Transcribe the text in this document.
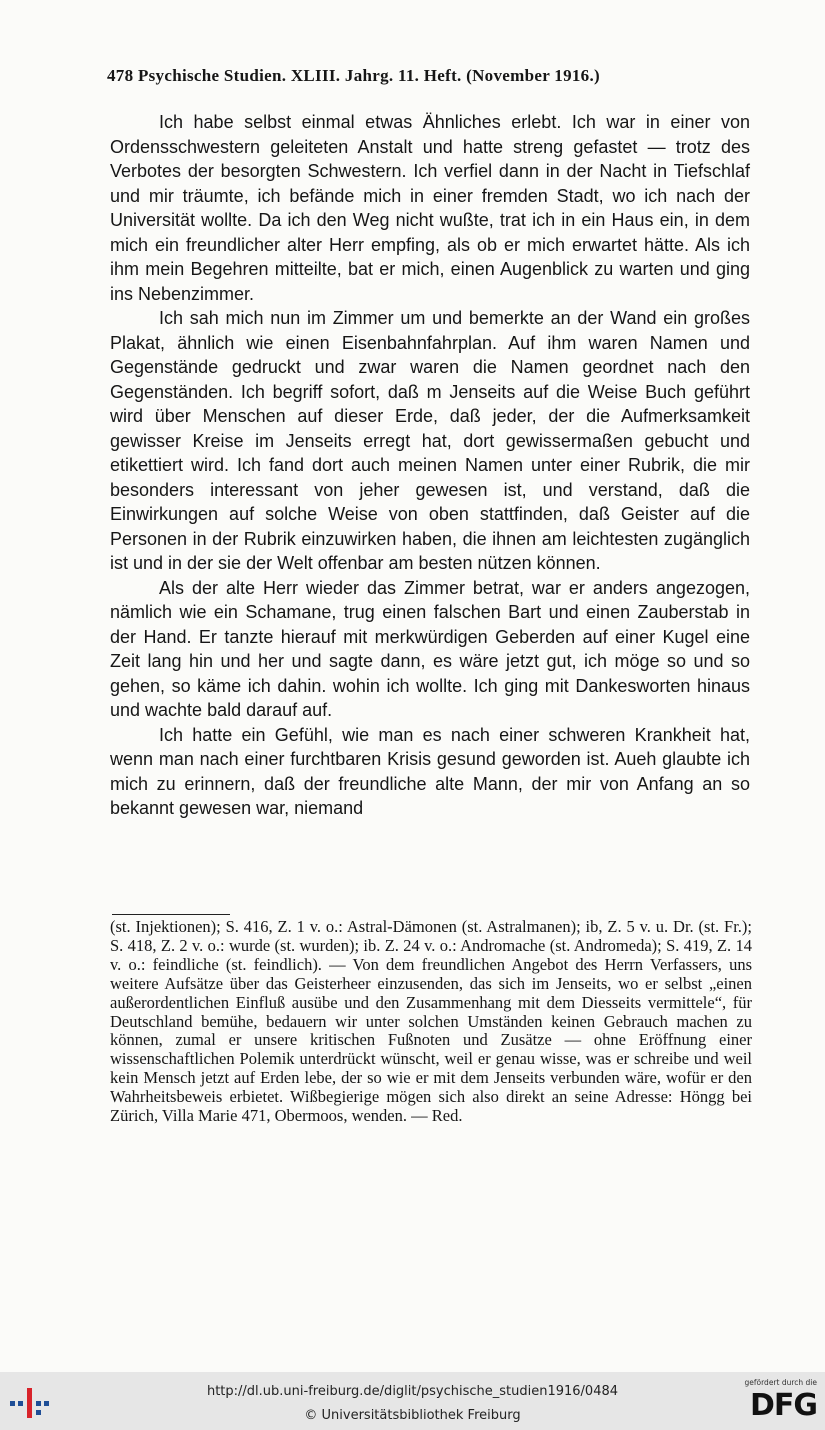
478 Psychische Studien. XLIII. Jahrg. 11. Heft. (November 1916.)

Ich habe selbst einmal etwas Ähnliches erlebt. Ich war in einer von Ordensschwestern geleiteten Anstalt und hatte streng gefastet — trotz des Verbotes der besorgten Schwestern. Ich verfiel dann in der Nacht in Tiefschlaf und mir träumte, ich befände mich in einer fremden Stadt, wo ich nach der Universität wollte. Da ich den Weg nicht wußte, trat ich in ein Haus ein, in dem mich ein freundlicher alter Herr empfing, als ob er mich erwartet hätte. Als ich ihm mein Begehren mitteilte, bat er mich, einen Augenblick zu warten und ging ins Nebenzimmer.

Ich sah mich nun im Zimmer um und bemerkte an der Wand ein großes Plakat, ähnlich wie einen Eisenbahnfahrplan. Auf ihm waren Namen und Gegenstände gedruckt und zwar waren die Namen geordnet nach den Gegenständen. Ich begriff sofort, daß m Jenseits auf die Weise Buch geführt wird über Menschen auf dieser Erde, daß jeder, der die Aufmerksamkeit gewisser Kreise im Jenseits erregt hat, dort gewissermaßen gebucht und etikettiert wird. Ich fand dort auch meinen Namen unter einer Rubrik, die mir besonders interessant von jeher gewesen ist, und verstand, daß die Einwirkungen auf solche Weise von oben stattfinden, daß Geister auf die Personen in der Rubrik einzuwirken haben, die ihnen am leichtesten zugänglich ist und in der sie der Welt offenbar am besten nützen können.

Als der alte Herr wieder das Zimmer betrat, war er anders angezogen, nämlich wie ein Schamane, trug einen falschen Bart und einen Zauberstab in der Hand. Er tanzte hierauf mit merkwürdigen Geberden auf einer Kugel eine Zeit lang hin und her und sagte dann, es wäre jetzt gut, ich möge so und so gehen, so käme ich dahin. wohin ich wollte. Ich ging mit Dankesworten hinaus und wachte bald darauf auf.

Ich hatte ein Gefühl, wie man es nach einer schweren Krankheit hat, wenn man nach einer furchtbaren Krisis gesund geworden ist. Aueh glaubte ich mich zu erinnern, daß der freundliche alte Mann, der mir von Anfang an so bekannt gewesen war, niemand

(st. Injektionen); S. 416, Z. 1 v. o.: Astral-Dämonen (st. Astralmanen); ib, Z. 5 v. u. Dr. (st. Fr.); S. 418, Z. 2 v. o.: wurde (st. wurden); ib. Z. 24 v. o.: Andromache (st. Andromeda); S. 419, Z. 14 v. o.: feindliche (st. feindlich). — Von dem freundlichen Angebot des Herrn Verfassers, uns weitere Aufsätze über das Geisterheer einzusenden, das sich im Jenseits, wo er selbst „einen außerordentlichen Einfluß ausübe und den Zusammenhang mit dem Diesseits vermittele“, für Deutschland bemühe, bedauern wir unter solchen Umständen keinen Gebrauch machen zu können, zumal er unsere kritischen Fußnoten und Zusätze — ohne Eröffnung einer wissenschaftlichen Polemik unterdrückt wünscht, weil er genau wisse, was er schreibe und weil kein Mensch jetzt auf Erden lebe, der so wie er mit dem Jenseits verbunden wäre, wofür er den Wahrheitsbeweis erbietet. Wißbegierige mögen sich also direkt an seine Adresse: Höngg bei Zürich, Villa Marie 471, Obermoos, wenden. — Red.
http://dl.ub.uni-freiburg.de/diglit/psychische_studien1916/0484
© Universitätsbibliothek Freiburg
gefördert durch die
DFG
